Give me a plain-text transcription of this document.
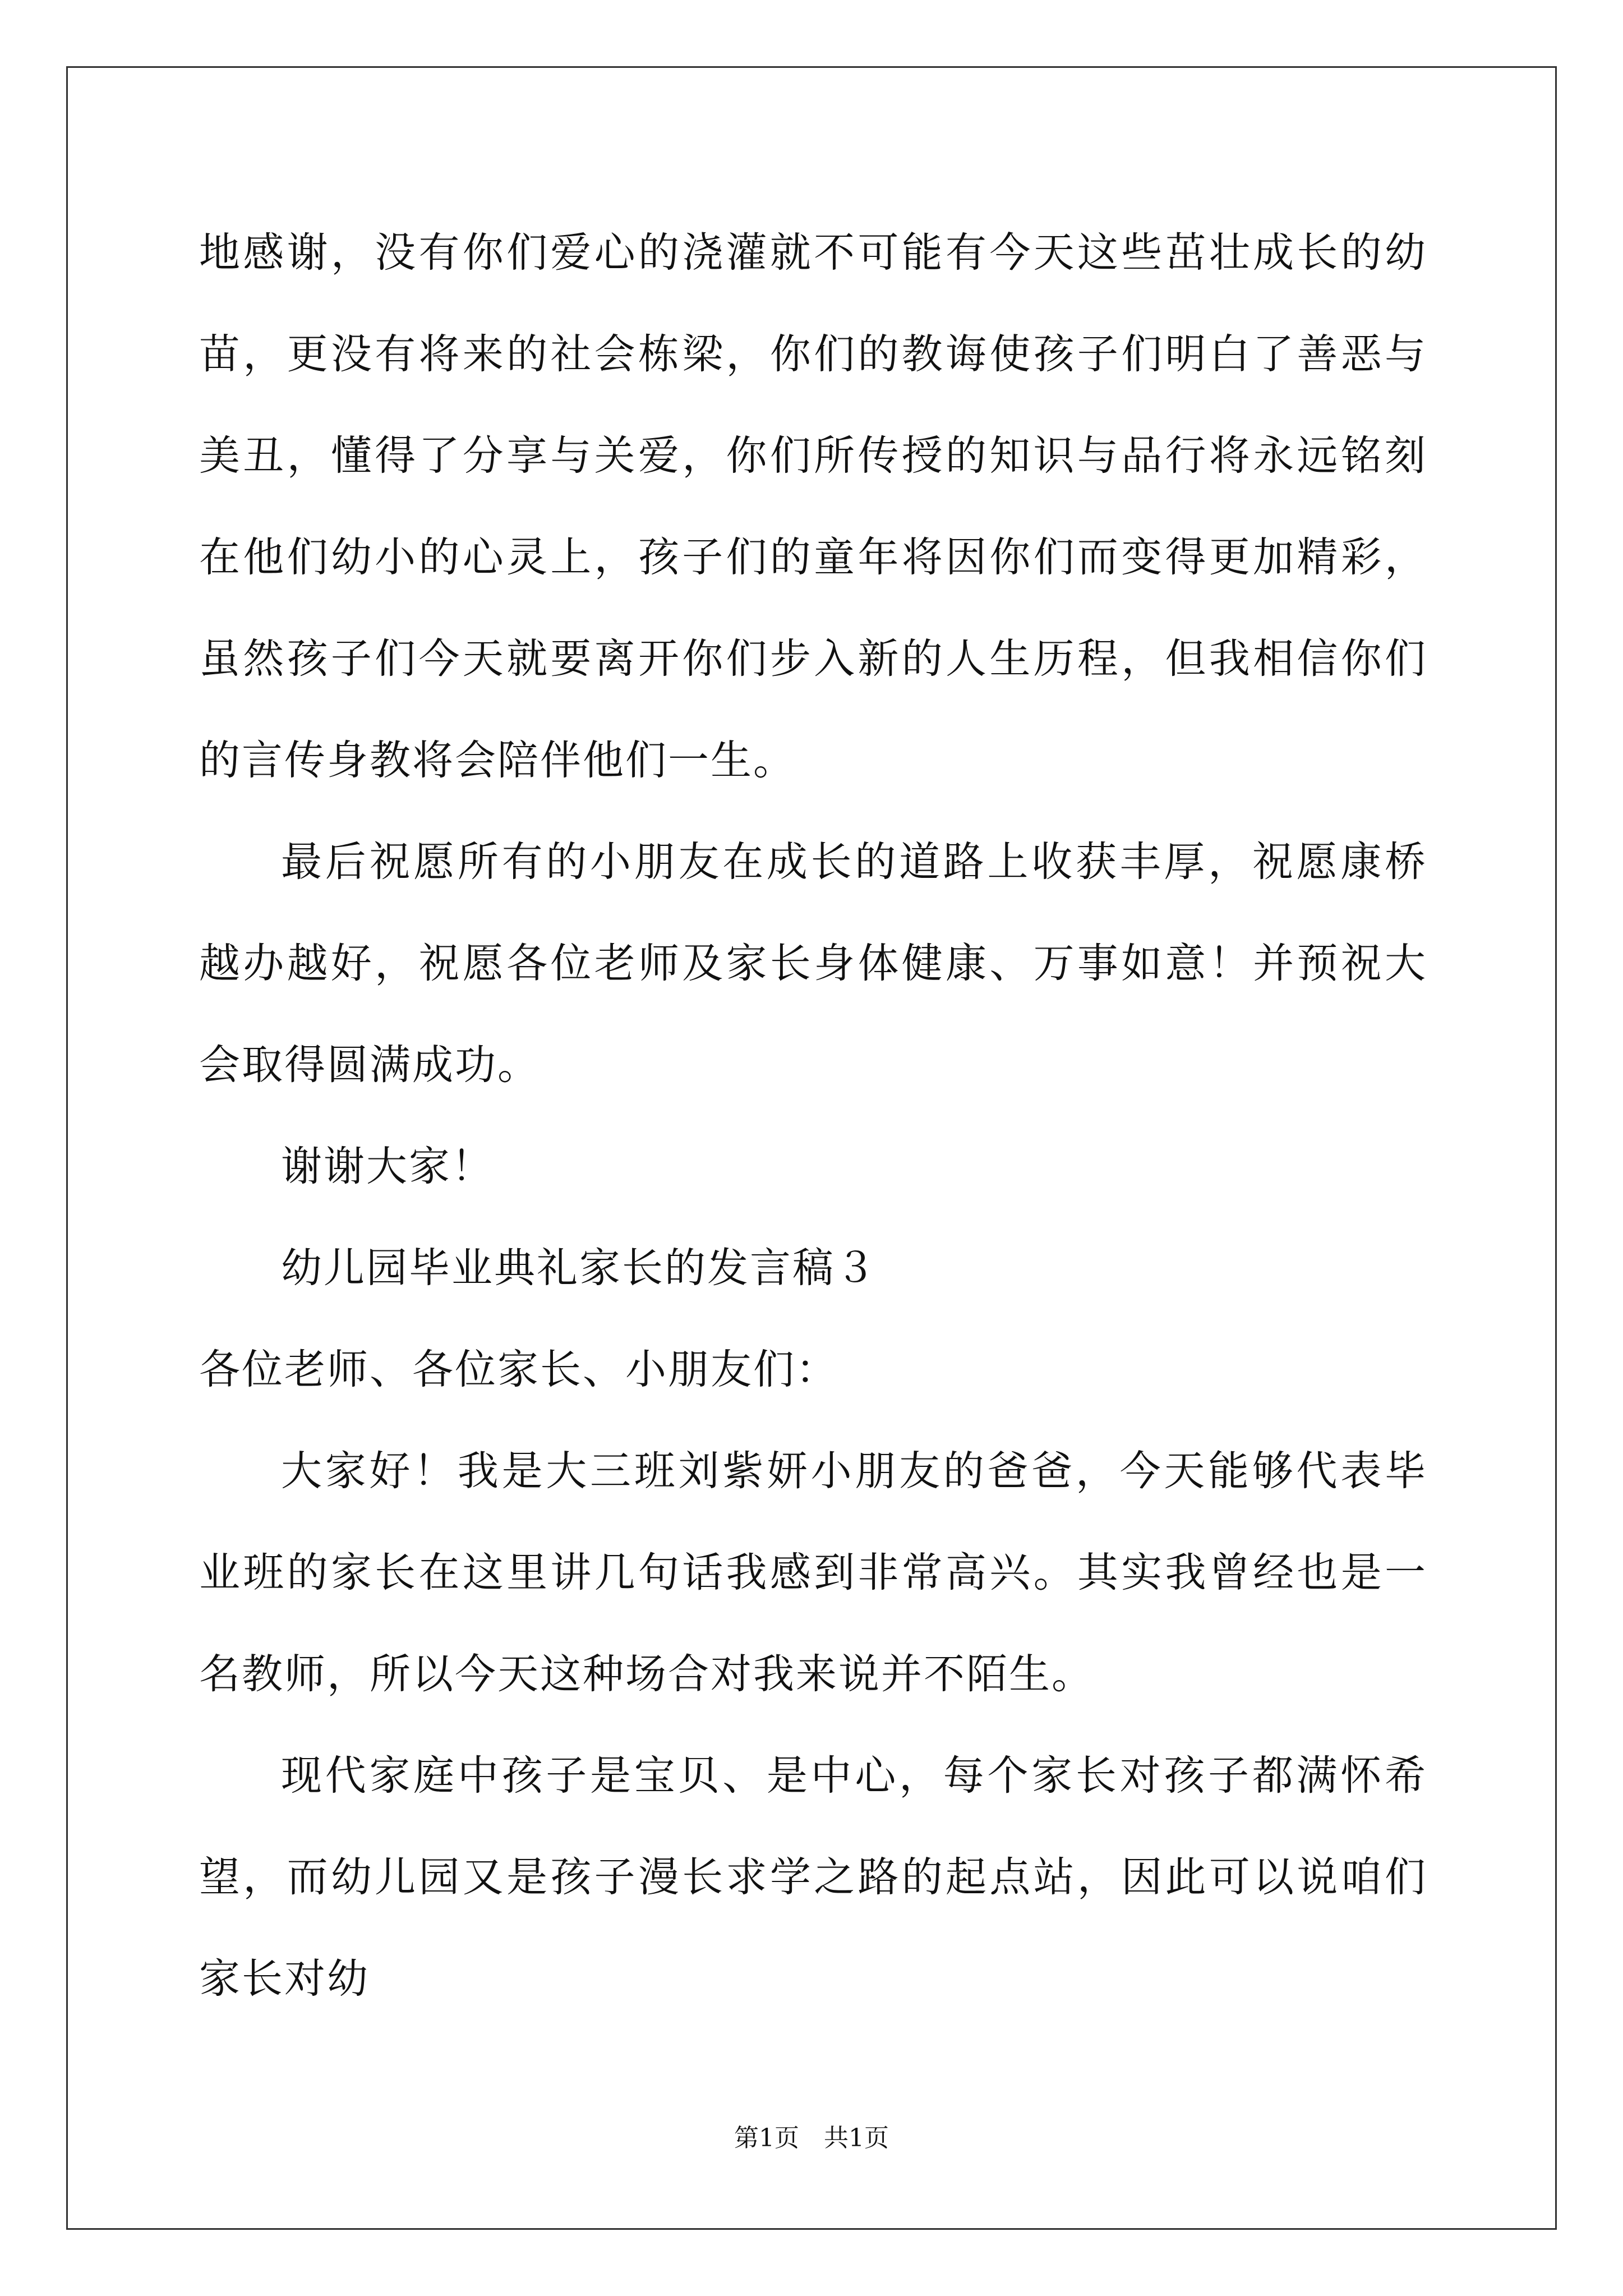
地感谢，没有你们爱心的浇灌就不可能有今天这些茁壮成长的幼苗，更没有将来的社会栋梁，你们的教诲使孩子们明白了善恶与美丑，懂得了分享与关爱，你们所传授的知识与品行将永远铭刻在他们幼小的心灵上，孩子们的童年将因你们而变得更加精彩，虽然孩子们今天就要离开你们步入新的人生历程，但我相信你们的言传身教将会陪伴他们一生。

最后祝愿所有的小朋友在成长的道路上收获丰厚，祝愿康桥越办越好，祝愿各位老师及家长身体健康、万事如意！并预祝大会取得圆满成功。

谢谢大家！

幼儿园毕业典礼家长的发言稿３

各位老师、各位家长、小朋友们：

大家好！我是大三班刘紫妍小朋友的爸爸，今天能够代表毕业班的家长在这里讲几句话我感到非常高兴。其实我曾经也是一名教师，所以今天这种场合对我来说并不陌生。

现代家庭中孩子是宝贝、是中心，每个家长对孩子都满怀希望，而幼儿园又是孩子漫长求学之路的起点站，因此可以说咱们家长对幼

第1页　共1页
